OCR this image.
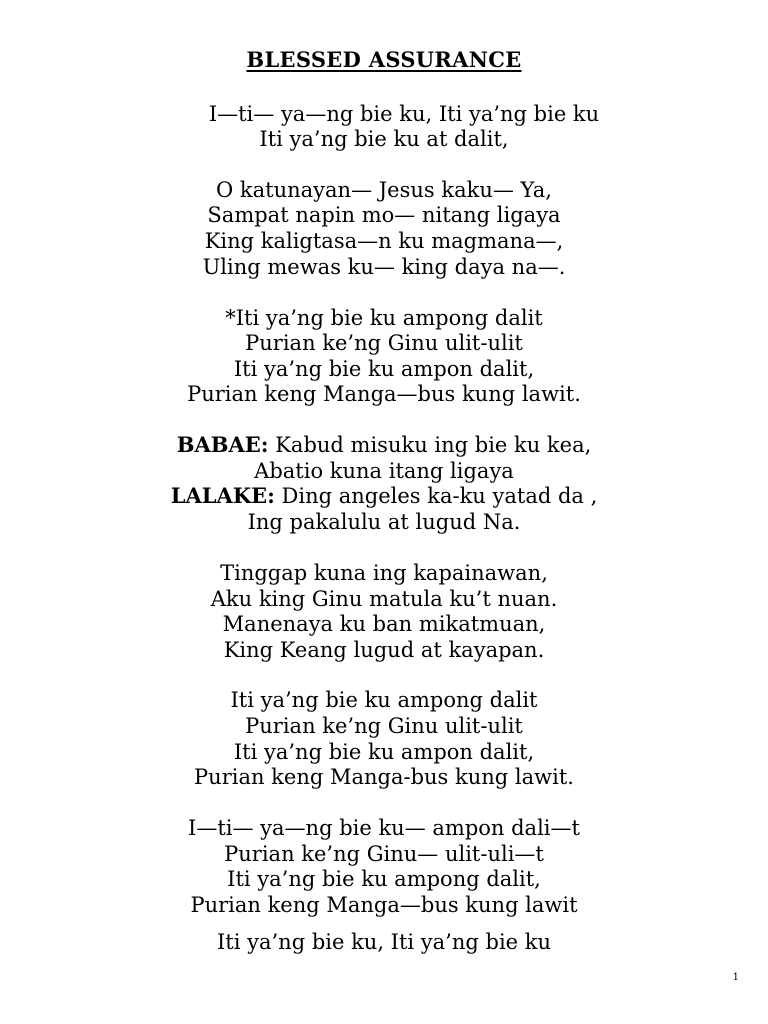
BLESSED ASSURANCE
I—ti— ya—ng bie ku, Iti ya’ng bie ku
Iti ya’ng bie ku at dalit,
O katunayan— Jesus kaku— Ya,
Sampat napin mo— nitang ligaya
King kaligtasa—n ku magmana—,
Uling mewas ku— king daya na—.
*Iti ya’ng bie ku ampong dalit
Purian ke’ng Ginu ulit-ulit
Iti ya’ng bie ku ampon dalit,
Purian keng Manga—bus kung lawit.
BABAE: Kabud misuku ing bie ku kea,
Abatio kuna itang ligaya
LALAKE: Ding angeles ka-ku yatad da ,
Ing pakalulu at lugud Na.
Tinggap kuna ing kapainawan,
Aku king Ginu matula ku’t nuan.
Manenaya ku ban mikatmuan,
King Keang lugud at kayapan.
Iti ya’ng bie ku ampong dalit
Purian ke’ng Ginu ulit-ulit
Iti ya’ng bie ku ampon dalit,
Purian keng Manga-bus kung lawit.
I—ti— ya—ng bie ku— ampon dali—t
Purian ke’ng Ginu— ulit-uli—t
Iti ya’ng bie ku ampong dalit,
Purian keng Manga—bus kung lawit
Iti ya’ng bie ku, Iti ya’ng bie ku
1
